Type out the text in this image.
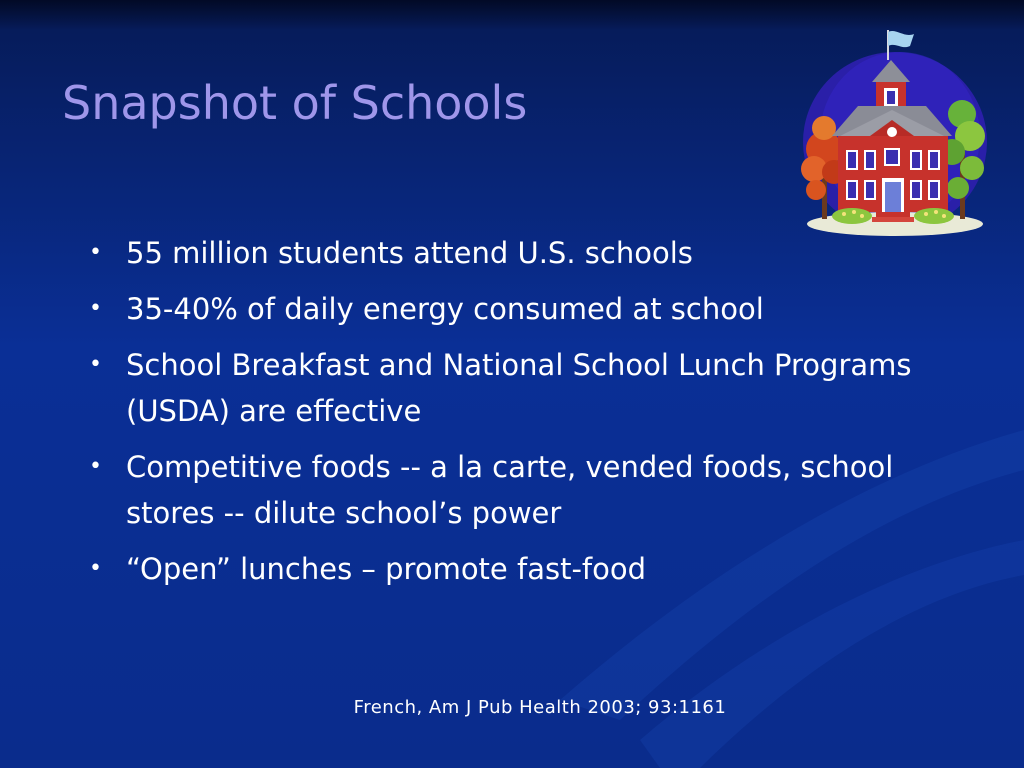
Snapshot of Schools
• 55 million students attend U.S. schools
• 35-40% of daily energy consumed at school
• School Breakfast and National School Lunch Programs (USDA) are effective
• Competitive foods -- a la carte, vended foods, school stores -- dilute school’s power
• “Open” lunches – promote fast-food
French, Am J Pub Health 2003; 93:1161
